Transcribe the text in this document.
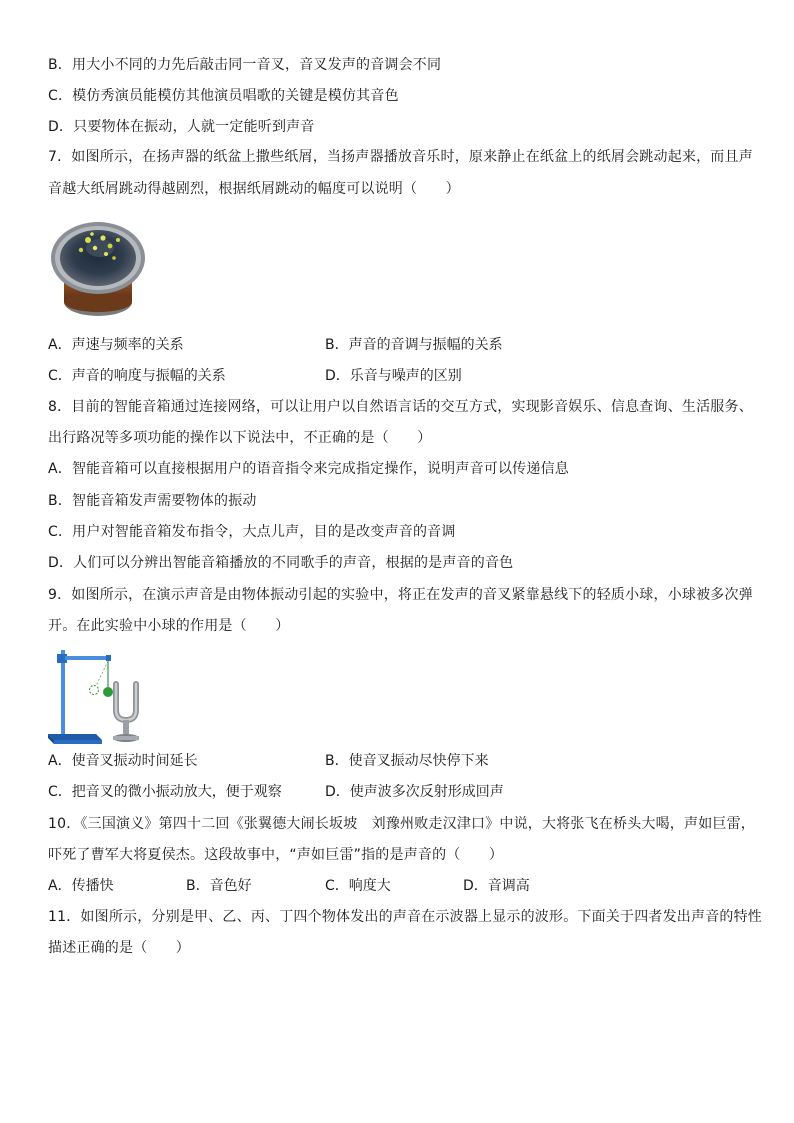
B．用大小不同的力先后敲击同一音叉，音叉发声的音调会不同
C．模仿秀演员能模仿其他演员唱歌的关键是模仿其音色
D．只要物体在振动，人就一定能听到声音
7．如图所示，在扬声器的纸盆上撒些纸屑，当扬声器播放音乐时，原来静止在纸盆上的纸屑会跳动起来，而且声
音越大纸屑跳动得越剧烈，根据纸屑跳动的幅度可以说明（　　）
A．声速与频率的关系	B．声音的音调与振幅的关系
C．声音的响度与振幅的关系	D．乐音与噪声的区别
8．目前的智能音箱通过连接网络，可以让用户以自然语言话的交互方式，实现影音娱乐、信息查询、生活服务、
出行路况等多项功能的操作以下说法中，不正确的是（　　）
A．智能音箱可以直接根据用户的语音指令来完成指定操作，说明声音可以传递信息
B．智能音箱发声需要物体的振动
C．用户对智能音箱发布指令，大点儿声，目的是改变声音的音调
D．人们可以分辨出智能音箱播放的不同歌手的声音，根据的是声音的音色
9．如图所示，在演示声音是由物体振动引起的实验中，将正在发声的音叉紧靠悬线下的轻质小球，小球被多次弹
开。在此实验中小球的作用是（　　）
A．使音叉振动时间延长	B．使音叉振动尽快停下来
C．把音叉的微小振动放大，便于观察	D．使声波多次反射形成回声
10．《三国演义》第四十二回《张翼德大闹长坂坡　刘豫州败走汉津口》中说，大将张飞在桥头大喝，声如巨雷，
吓死了曹军大将夏侯杰。这段故事中，“声如巨雷”指的是声音的（　　）
A．传播快	B．音色好	C．响度大	D．音调高
11．如图所示，分别是甲、乙、丙、丁四个物体发出的声音在示波器上显示的波形。下面关于四者发出声音的特性
描述正确的是（　　）
